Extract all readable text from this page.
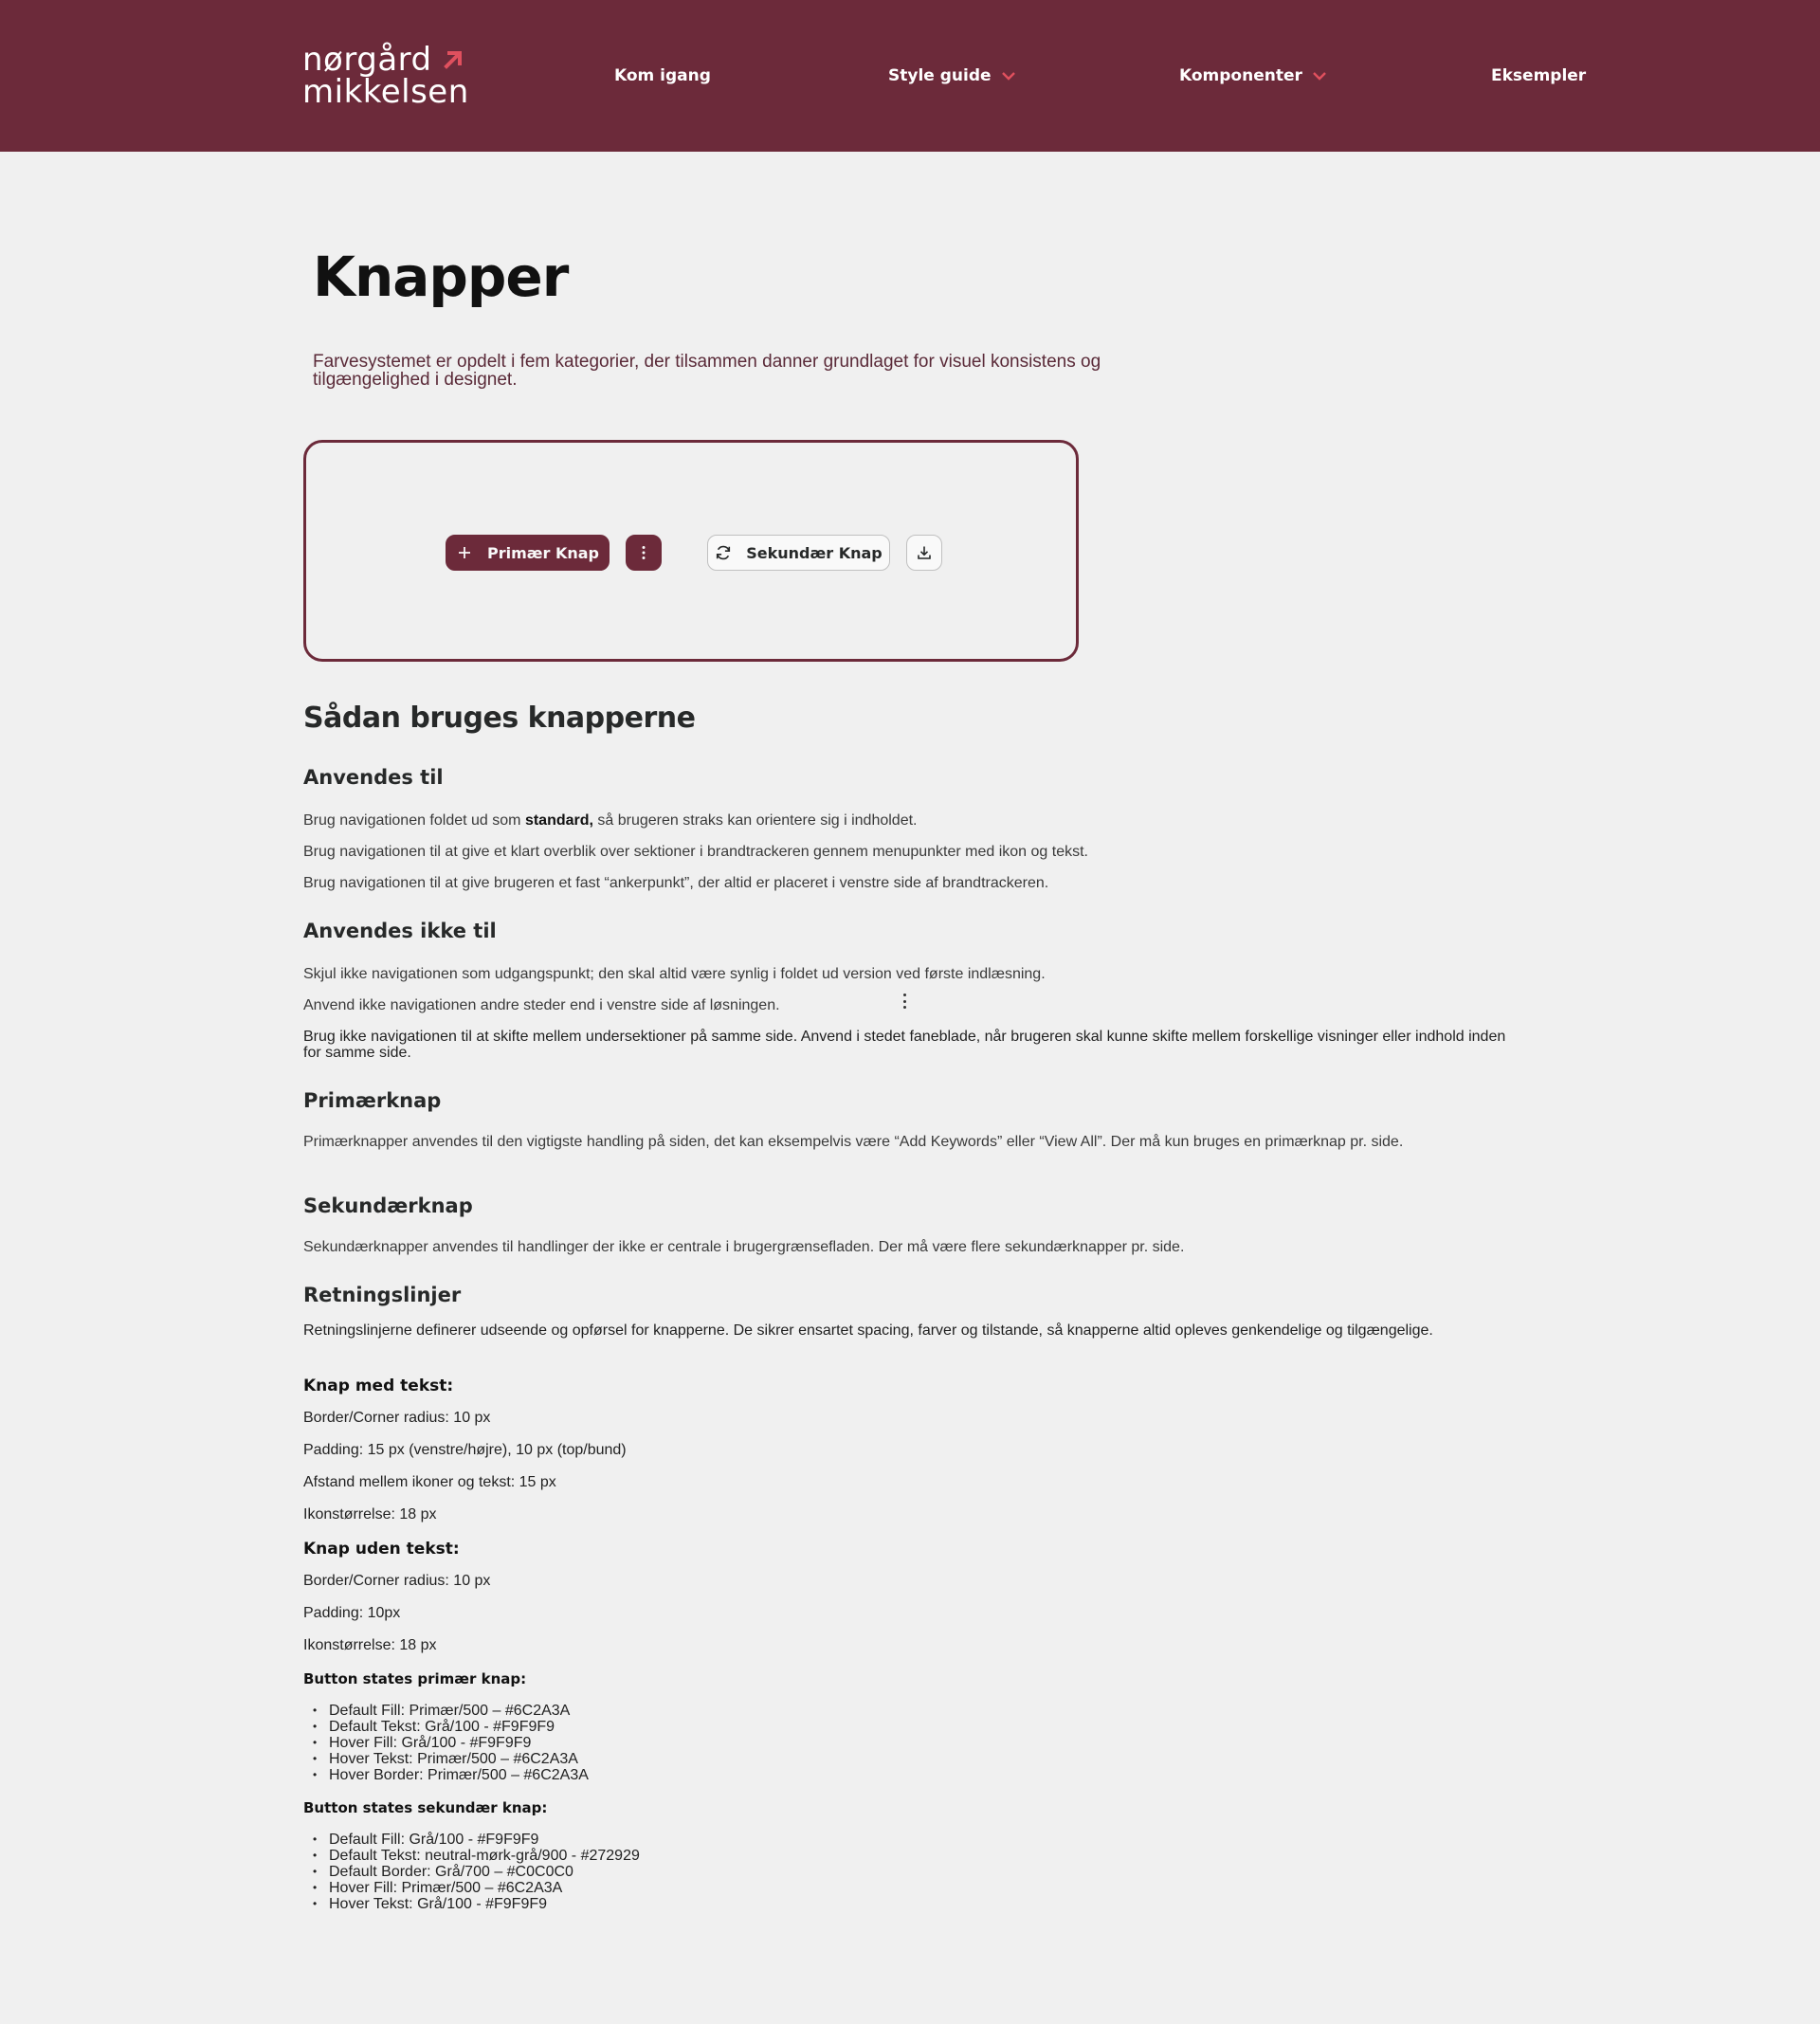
nørgård
mikkelsen	Kom igang	Style guide	Komponenter	Eksempler
Knapper

Farvesystemet er opdelt i fem kategorier, der tilsammen danner grundlaget for visuel konsistens og tilgængelighed i designet.

Primær Knap	Sekundær Knap
Sådan bruges knapperne
Anvendes til

Brug navigationen foldet ud som standard, så brugeren straks kan orientere sig i indholdet.

Brug navigationen til at give et klart overblik over sektioner i brandtrackeren gennem menupunkter med ikon og tekst.

Brug navigationen til at give brugeren et fast “ankerpunkt”, der altid er placeret i venstre side af brandtrackeren.

Anvendes ikke til

Skjul ikke navigationen som udgangspunkt; den skal altid være synlig i foldet ud version ved første indlæsning.

Anvend ikke navigationen andre steder end i venstre side af løsningen.

Brug ikke navigationen til at skifte mellem undersektioner på samme side. Anvend i stedet faneblade, når brugeren skal kunne skifte mellem forskellige visninger eller indhold inden for samme side.

Primærknap

Primærknapper anvendes til den vigtigste handling på siden, det kan eksempelvis være “Add Keywords” eller “View All”. Der må kun bruges en primærknap pr. side.

Sekundærknap

Sekundærknapper anvendes til handlinger der ikke er centrale i brugergrænsefladen. Der må være flere sekundærknapper pr. side.

Retningslinjer

Retningslinjerne definerer udseende og opførsel for knapperne. De sikrer ensartet spacing, farver og tilstande, så knapperne altid opleves genkendelige og tilgængelige.

Knap med tekst:

Border/Corner radius: 10 px

Padding: 15 px (venstre/højre), 10 px (top/bund)

Afstand mellem ikoner og tekst: 15 px

Ikonstørrelse: 18 px

Knap uden tekst:

Border/Corner radius: 10 px

Padding: 10px

Ikonstørrelse: 18 px

Button states primær knap:
• Default Fill: Primær/500 – #6C2A3A
• Default Tekst: Grå/100 - #F9F9F9
• Hover Fill: Grå/100 - #F9F9F9
• Hover Tekst: Primær/500 – #6C2A3A
• Hover Border: Primær/500 – #6C2A3A
Button states sekundær knap:
• Default Fill: Grå/100 - #F9F9F9
• Default Tekst: neutral-mørk-grå/900 - #272929
• Default Border: Grå/700 – #C0C0C0
• Hover Fill: Primær/500 – #6C2A3A
• Hover Tekst: Grå/100 - #F9F9F9
